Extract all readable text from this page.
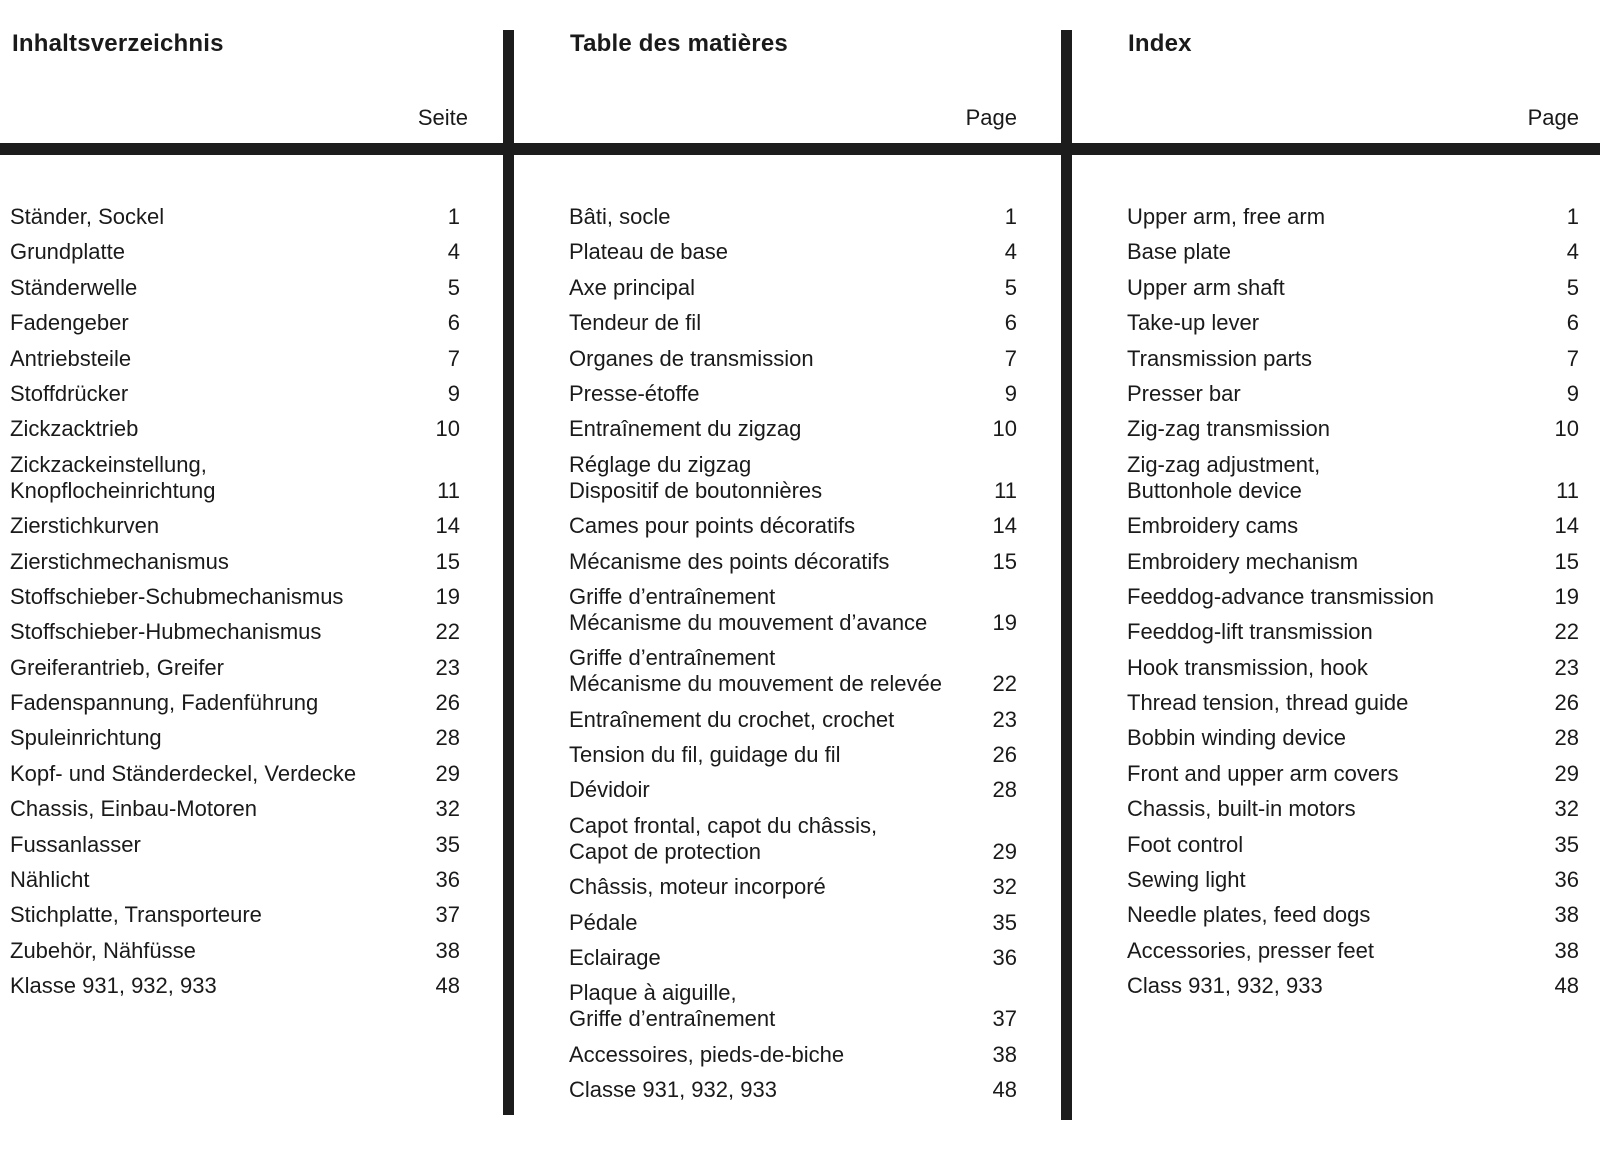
Inhaltsverzeichnis
Seite
Ständer, Sockel	1
Grundplatte	4
Ständerwelle	5
Fadengeber	6
Antriebsteile	7
Stoffdrücker	9
Zickzacktrieb	10
Zickzackeinstellung,
Knopflocheinrichtung	11
Zierstichkurven	14
Zierstichmechanismus	15
Stoffschieber-Schubmechanismus	19
Stoffschieber-Hubmechanismus	22
Greiferantrieb, Greifer	23
Fadenspannung, Fadenführung	26
Spuleinrichtung	28
Kopf- und Ständerdeckel, Verdecke	29
Chassis, Einbau-Motoren	32
Fussanlasser	35
Nählicht	36
Stichplatte, Transporteure	37
Zubehör, Nähfüsse	38
Klasse 931, 932, 933	48
Table des matières
Page
Bâti, socle	1
Plateau de base	4
Axe principal	5
Tendeur de fil	6
Organes de transmission	7
Presse-étoffe	9
Entraînement du zigzag	10
Réglage du zigzag
Dispositif de boutonnières	11
Cames pour points décoratifs	14
Mécanisme des points décoratifs	15
Griffe d’entraînement
Mécanisme du mouvement d’avance	19
Griffe d’entraînement
Mécanisme du mouvement de relevée 22
Entraînement du crochet, crochet	23
Tension du fil, guidage du fil	26
Dévidoir	28
Capot frontal, capot du châssis,
Capot de protection	29
Châssis, moteur incorporé	32
Pédale	35
Eclairage	36
Plaque à aiguille,
Griffe d’entraînement	37
Accessoires, pieds-de-biche	38
Classe 931, 932, 933	48
Index
Page
Upper arm, free arm	1
Base plate	4
Upper arm shaft	5
Take-up lever	6
Transmission parts	7
Presser bar	9
Zig-zag transmission	10
Zig-zag adjustment,
Buttonhole device	11
Embroidery cams	14
Embroidery mechanism	15
Feeddog-advance transmission	19
Feeddog-lift transmission	22
Hook transmission, hook	23
Thread tension, thread guide	26
Bobbin winding device	28
Front and upper arm covers	29
Chassis, built-in motors	32
Foot control	35
Sewing light	36
Needle plates, feed dogs	38
Accessories, presser feet	38
Class 931, 932, 933	48
